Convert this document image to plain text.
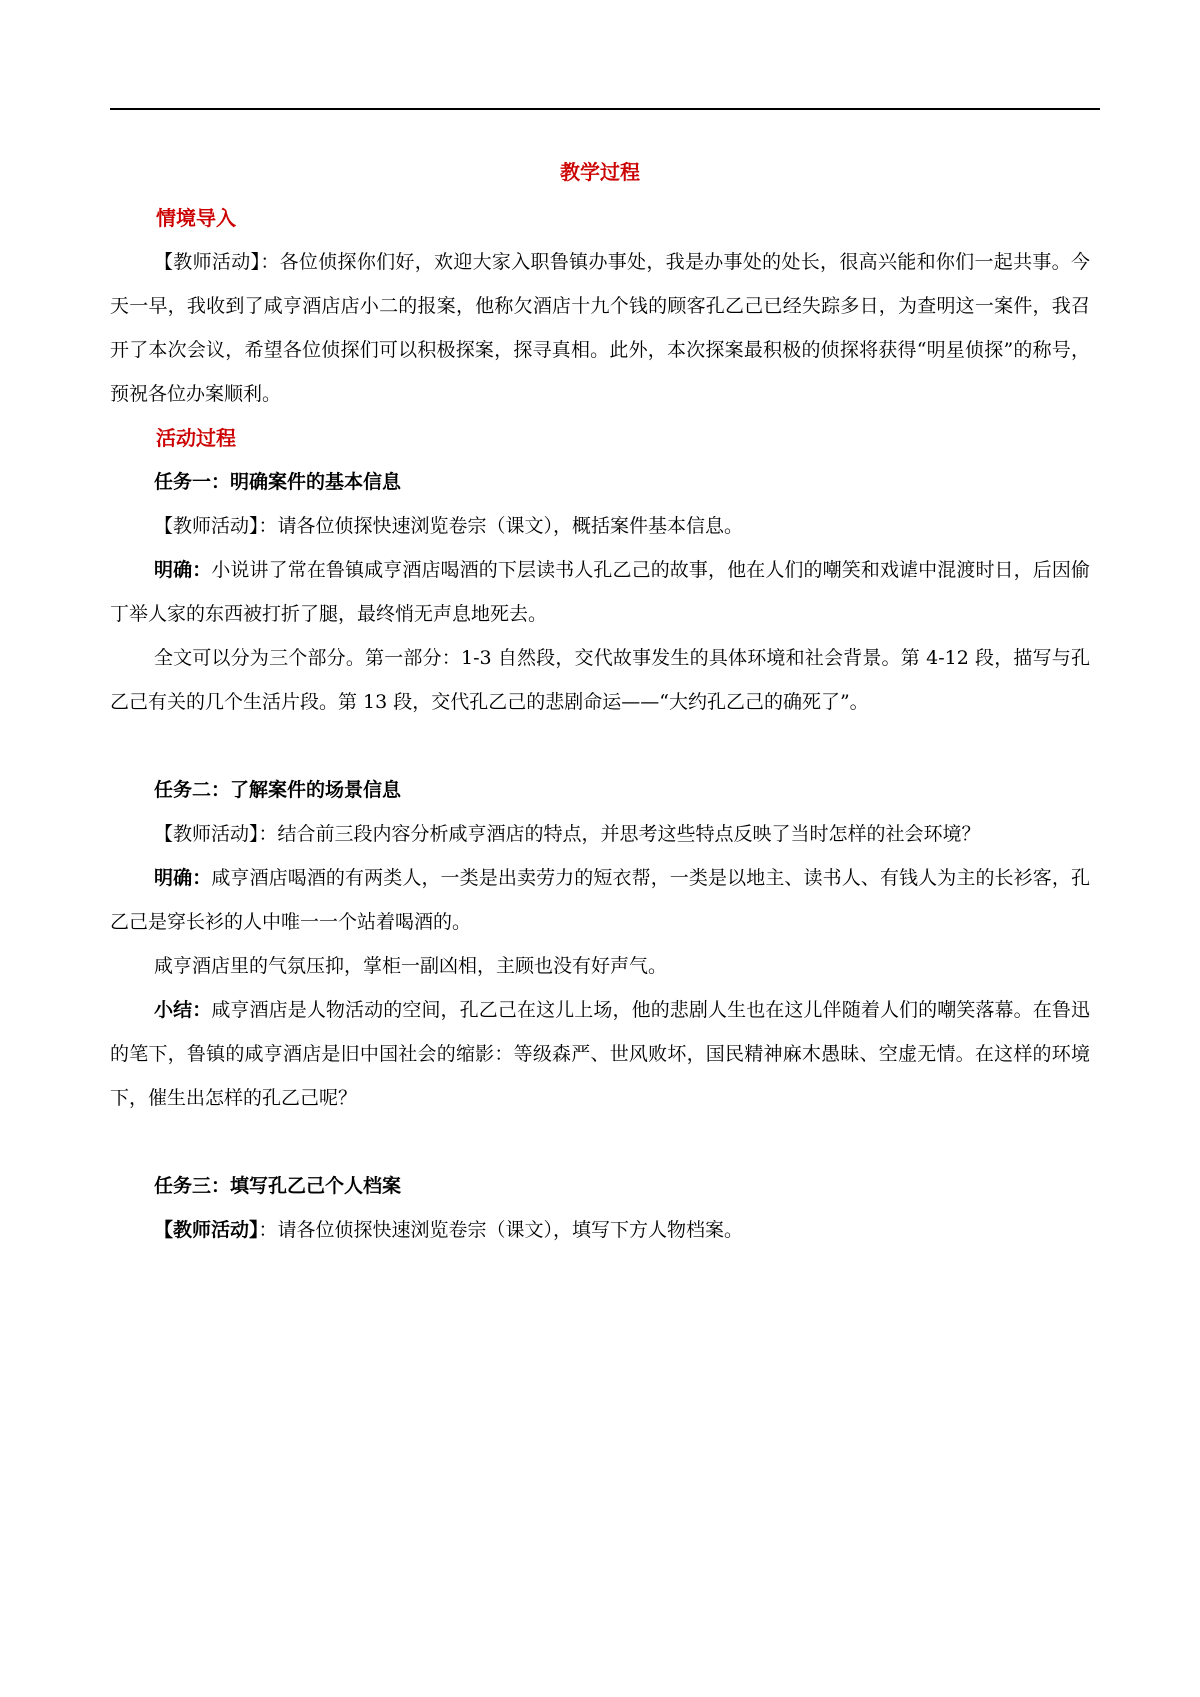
教学过程
情境导入

【教师活动】：各位侦探你们好，欢迎大家入职鲁镇办事处，我是办事处的处长，很高兴能和你们一起共事。今天一早，我收到了咸亨酒店店小二的报案，他称欠酒店十九个钱的顾客孔乙己已经失踪多日，为查明这一案件，我召开了本次会议，希望各位侦探们可以积极探案，探寻真相。此外，本次探案最积极的侦探将获得“明星侦探”的称号，预祝各位办案顺利。

活动过程
任务一：明确案件的基本信息

【教师活动】：请各位侦探快速浏览卷宗（课文），概括案件基本信息。

明确：小说讲了常在鲁镇咸亨酒店喝酒的下层读书人孔乙己的故事，他在人们的嘲笑和戏谑中混渡时日，后因偷丁举人家的东西被打折了腿，最终悄无声息地死去。

全文可以分为三个部分。第一部分：1-3 自然段，交代故事发生的具体环境和社会背景。第 4-12 段，描写与孔乙己有关的几个生活片段。第 13 段，交代孔乙己的悲剧命运——“大约孔乙己的确死了”。

任务二：了解案件的场景信息

【教师活动】：结合前三段内容分析咸亨酒店的特点，并思考这些特点反映了当时怎样的社会环境？

明确：咸亨酒店喝酒的有两类人，一类是出卖劳力的短衣帮，一类是以地主、读书人、有钱人为主的长衫客，孔乙己是穿长衫的人中唯一一个站着喝酒的。

咸亨酒店里的气氛压抑，掌柜一副凶相，主顾也没有好声气。

小结：咸亨酒店是人物活动的空间，孔乙己在这儿上场，他的悲剧人生也在这儿伴随着人们的嘲笑落幕。在鲁迅的笔下，鲁镇的咸亨酒店是旧中国社会的缩影：等级森严、世风败坏，国民精神麻木愚昧、空虚无情。在这样的环境下，催生出怎样的孔乙己呢？

任务三：填写孔乙己个人档案

【教师活动】：请各位侦探快速浏览卷宗（课文），填写下方人物档案。
